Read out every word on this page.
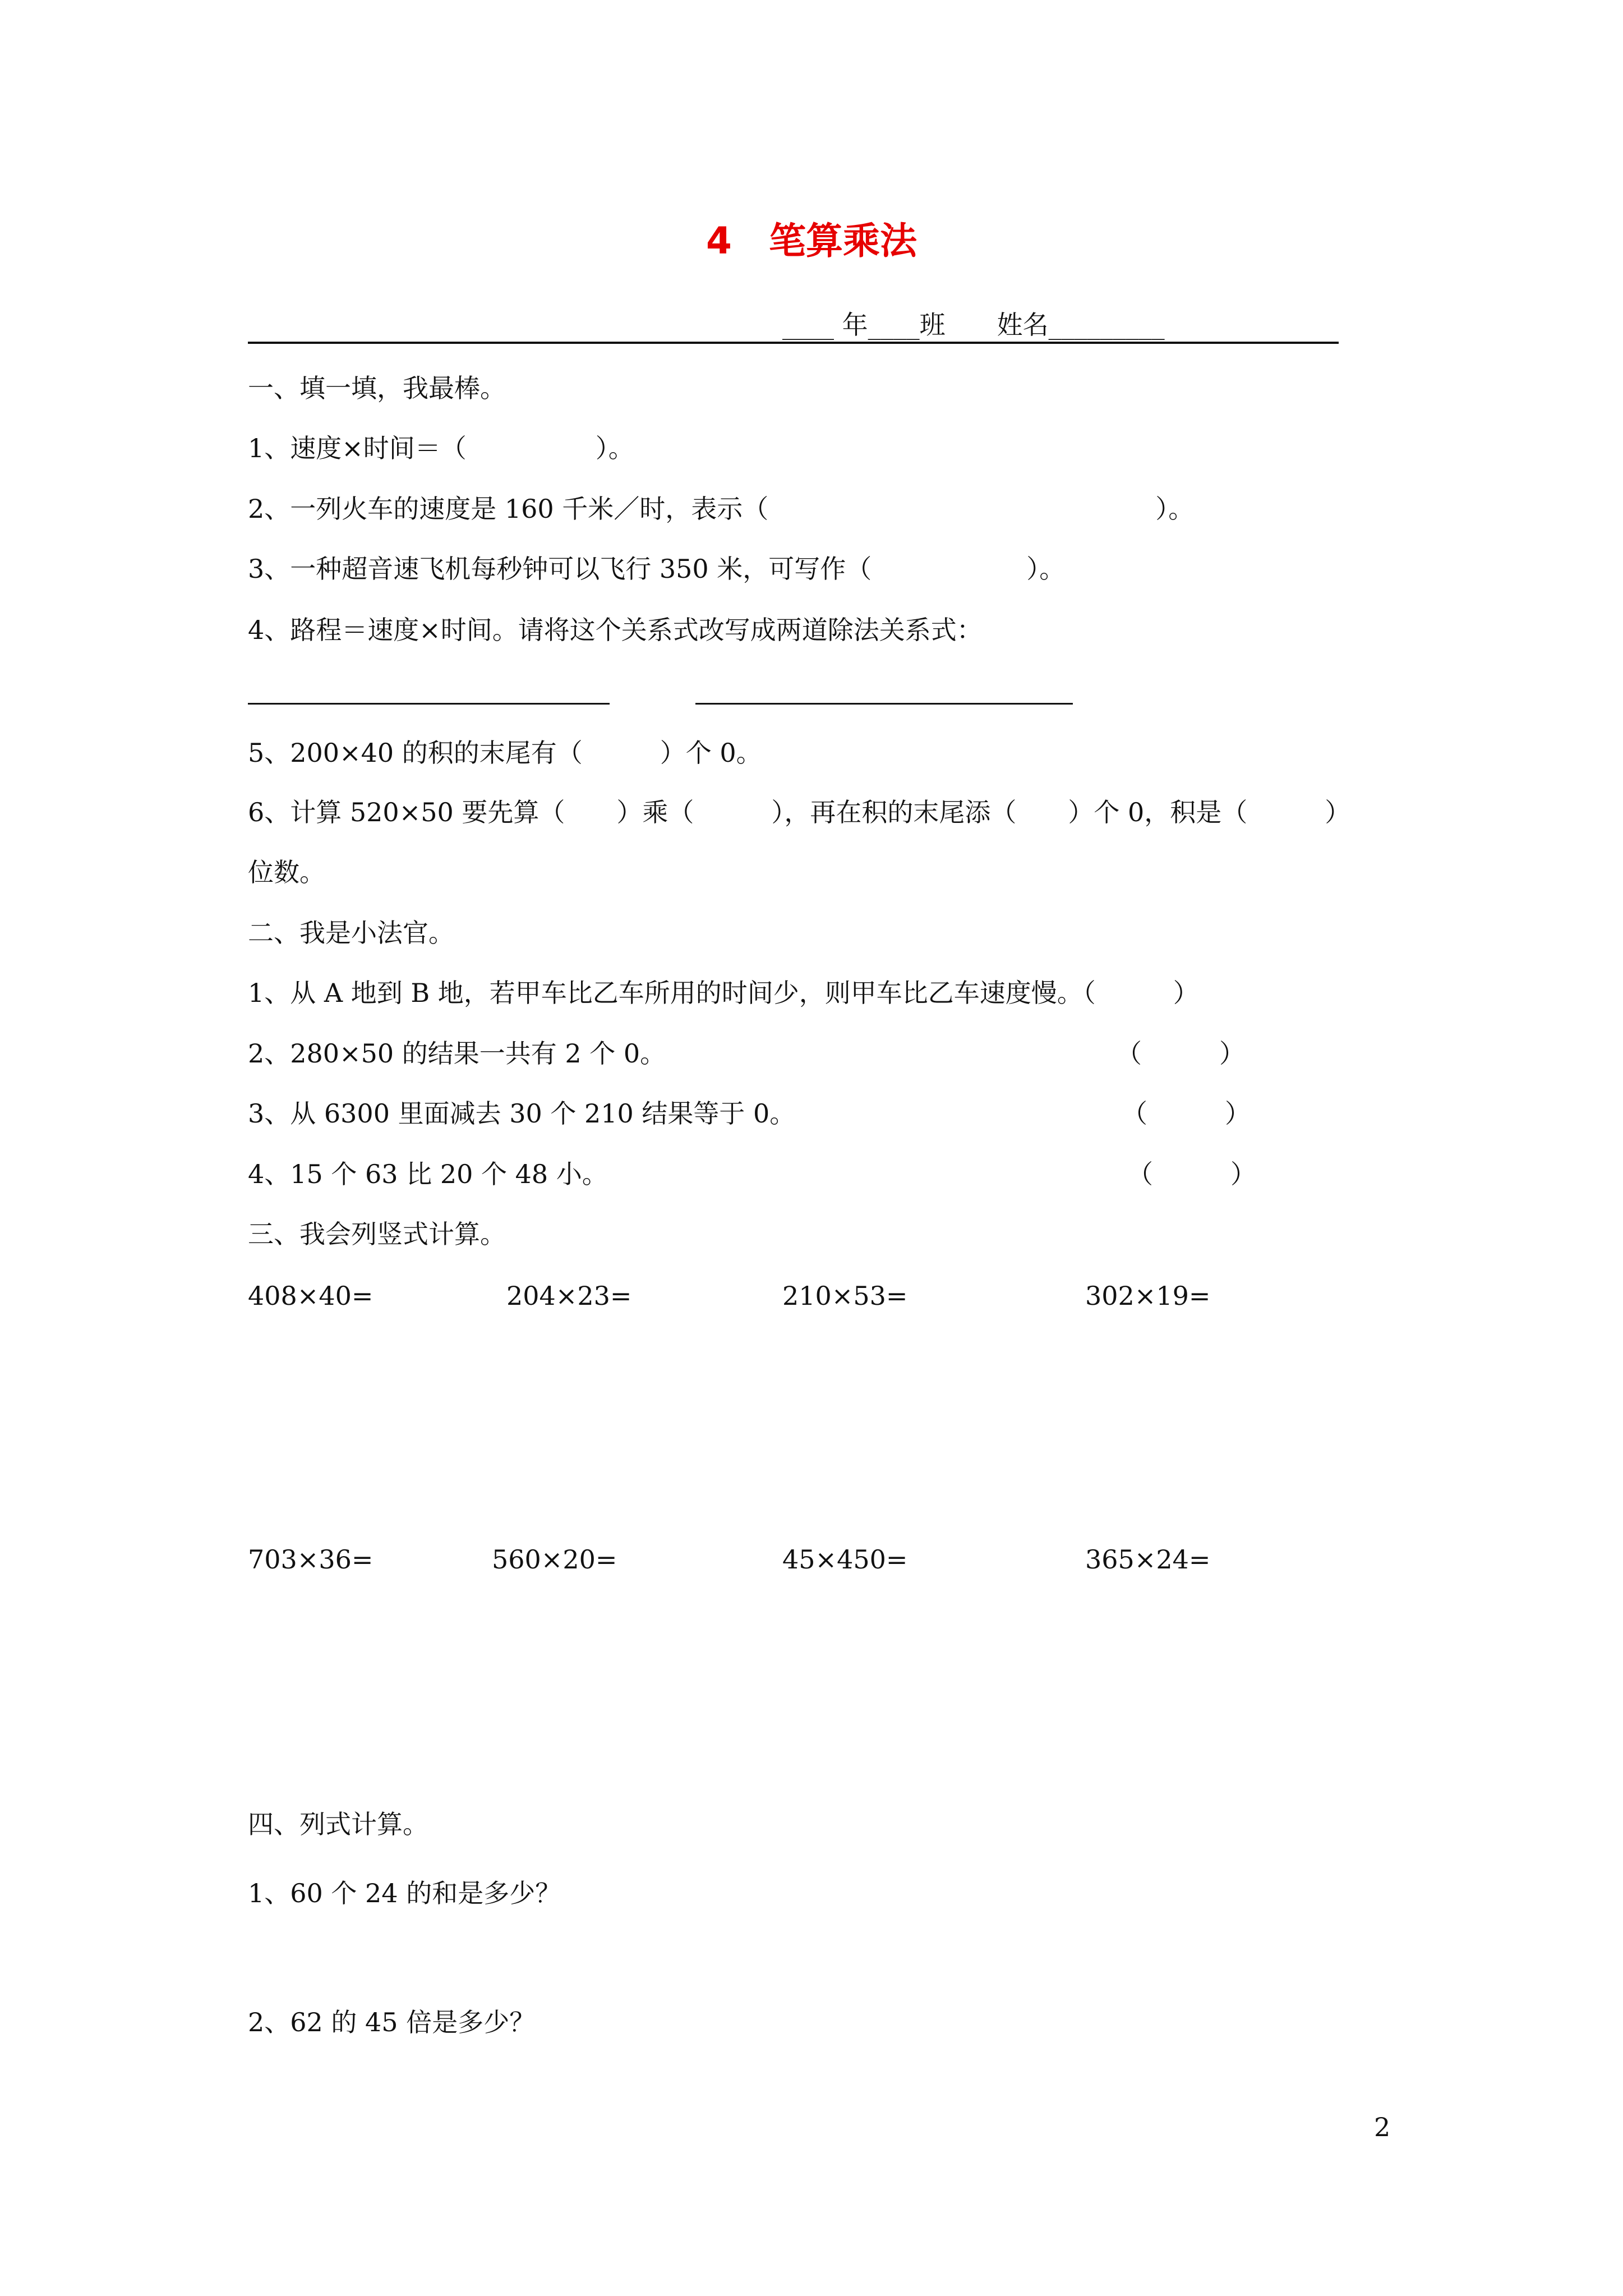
4　笔算乘法
____ 年____班　　姓名_________
一、填一填，我最棒。
1、速度×时间＝（　　　　　）。
2、一列火车的速度是 160 千米／时，表示（　　　　　　　　　　　　　　　）。
3、一种超音速飞机每秒钟可以飞行 350 米，可写作（　　　　　　）。
4、路程＝速度×时间。请将这个关系式改写成两道除法关系式：
5、200×40 的积的末尾有（　　　）个 0。
6、计算 520×50 要先算（　　）乘（　　　），再在积的末尾添（　　）个 0，积是（　　　）
位数。
二、我是小法官。
1、从 A 地到 B 地，若甲车比乙车所用的时间少，则甲车比乙车速度慢。（　　　）
2、280×50 的结果一共有 2 个 0。	（　　　）
3、从 6300 里面减去 30 个 210 结果等于 0。	（　　　）
4、15 个 63 比 20 个 48 小。	（　　　）
三、我会列竖式计算。
408×40=	204×23=	210×53=	302×19=
703×36=	560×20=	45×450=	365×24=
四、列式计算。
1、60 个 24 的和是多少？
2、62 的 45 倍是多少？
2
